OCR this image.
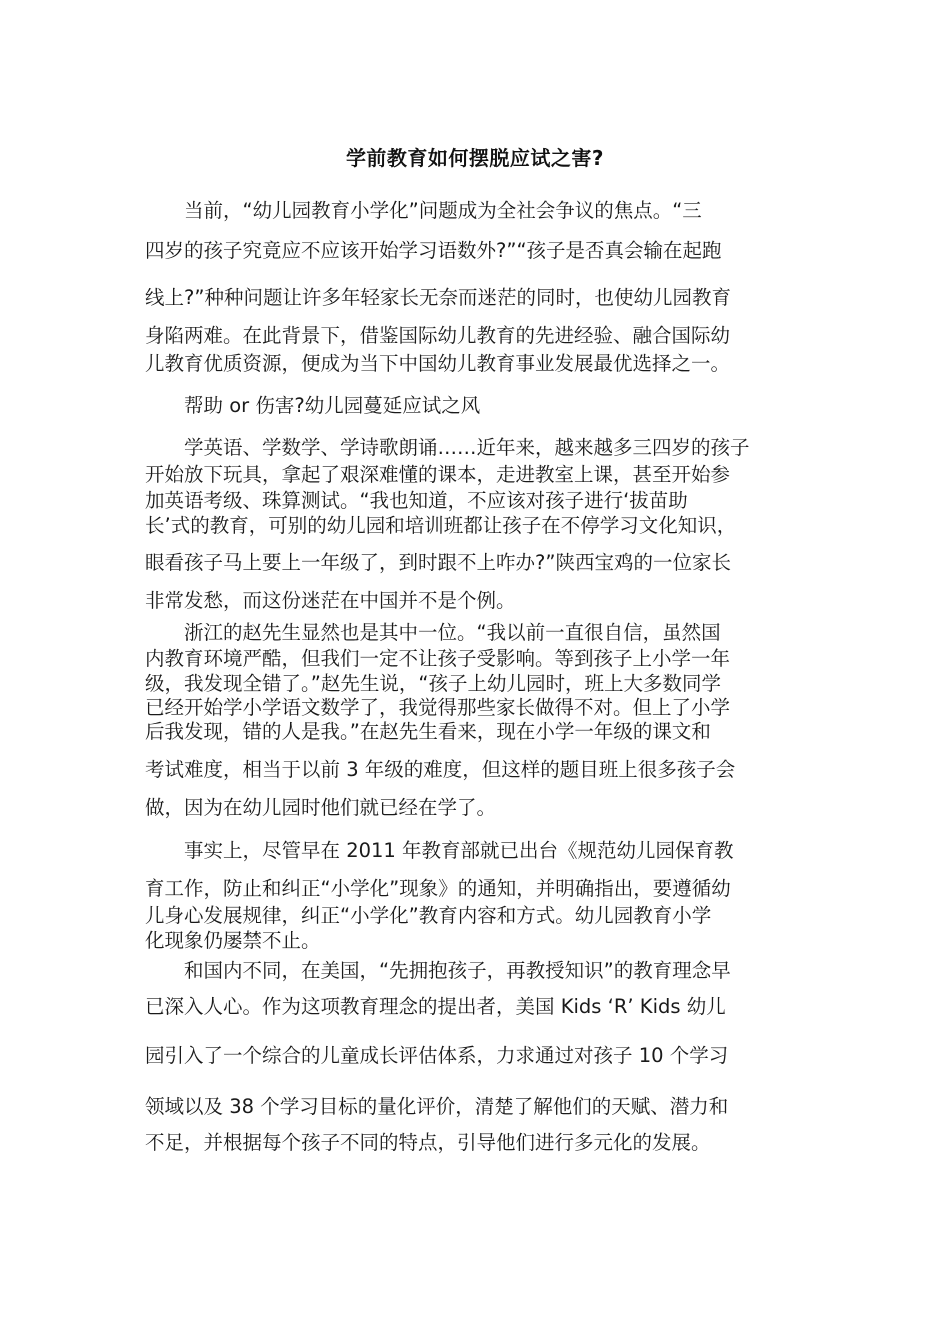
学前教育如何摆脱应试之害?
当前，“幼儿园教育小学化”问题成为全社会争议的焦点。“三
四岁的孩子究竟应不应该开始学习语数外?”“孩子是否真会输在起跑
线上?”种种问题让许多年轻家长无奈而迷茫的同时，也使幼儿园教育
身陷两难。在此背景下，借鉴国际幼儿教育的先进经验、融合国际幼
儿教育优质资源，便成为当下中国幼儿教育事业发展最优选择之一。
帮助 or 伤害?幼儿园蔓延应试之风
学英语、学数学、学诗歌朗诵……近年来，越来越多三四岁的孩子
开始放下玩具，拿起了艰深难懂的课本，走进教室上课，甚至开始参
加英语考级、珠算测试。“我也知道，不应该对孩子进行‘拔苗助
长’式的教育，可别的幼儿园和培训班都让孩子在不停学习文化知识，
眼看孩子马上要上一年级了，到时跟不上咋办?”陕西宝鸡的一位家长
非常发愁，而这份迷茫在中国并不是个例。
浙江的赵先生显然也是其中一位。“我以前一直很自信，虽然国
内教育环境严酷，但我们一定不让孩子受影响。等到孩子上小学一年
级，我发现全错了。”赵先生说，“孩子上幼儿园时，班上大多数同学
已经开始学小学语文数学了，我觉得那些家长做得不对。但上了小学
后我发现，错的人是我。”在赵先生看来，现在小学一年级的课文和
考试难度，相当于以前 3 年级的难度，但这样的题目班上很多孩子会
做，因为在幼儿园时他们就已经在学了。
事实上，尽管早在 2011 年教育部就已出台《规范幼儿园保育教
育工作，防止和纠正“小学化”现象》的通知，并明确指出，要遵循幼
儿身心发展规律，纠正“小学化”教育内容和方式。幼儿园教育小学
化现象仍屡禁不止。
和国内不同，在美国，“先拥抱孩子，再教授知识”的教育理念早
已深入人心。作为这项教育理念的提出者，美国 Kids ‘R’ Kids 幼儿
园引入了一个综合的儿童成长评估体系，力求通过对孩子 10 个学习
领域以及 38 个学习目标的量化评价，清楚了解他们的天赋、潜力和
不足，并根据每个孩子不同的特点，引导他们进行多元化的发展。
